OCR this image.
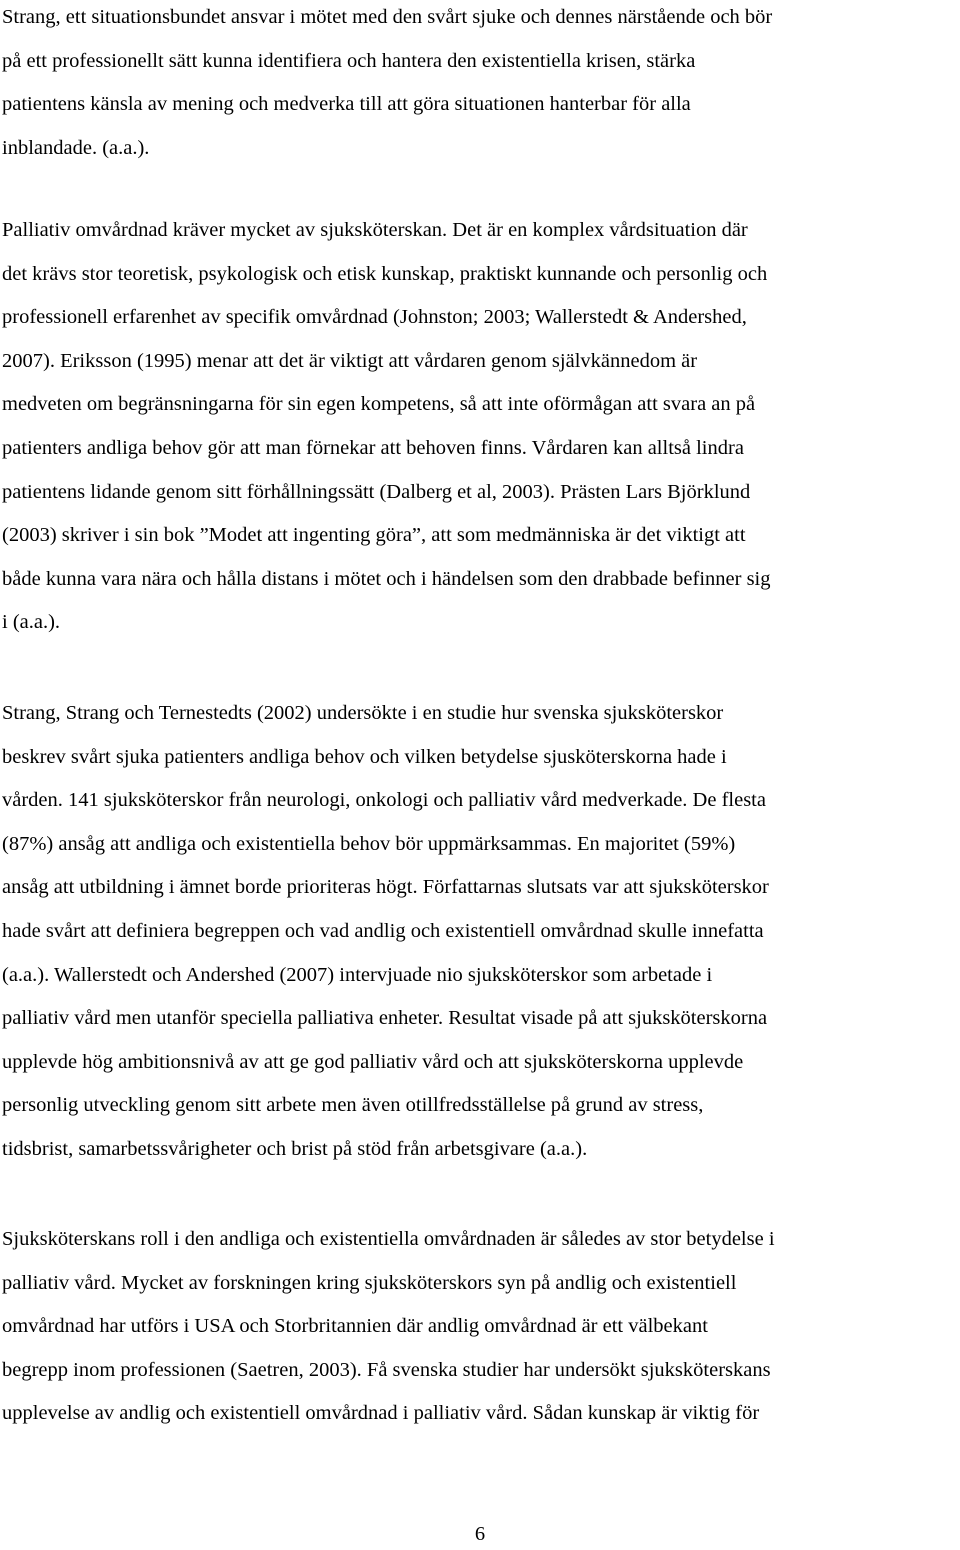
Strang, ett situationsbundet ansvar i mötet med den svårt sjuke och dennes närstående och bör
på ett professionellt sätt kunna identifiera och hantera den existentiella krisen, stärka
patientens känsla av mening och medverka till att göra situationen hanterbar för alla
inblandade. (a.a.).
Palliativ omvårdnad kräver mycket av sjuksköterskan. Det är en komplex vårdsituation där
det krävs stor teoretisk, psykologisk och etisk kunskap, praktiskt kunnande och personlig och
professionell erfarenhet av specifik omvårdnad (Johnston; 2003; Wallerstedt & Andershed,
2007). Eriksson (1995) menar att det är viktigt att vårdaren genom självkännedom är
medveten om begränsningarna för sin egen kompetens, så att inte oförmågan att svara an på
patienters andliga behov gör att man förnekar att behoven finns. Vårdaren kan alltså lindra
patientens lidande genom sitt förhållningssätt (Dalberg et al, 2003). Prästen Lars Björklund
(2003) skriver i sin bok ”Modet att ingenting göra”, att som medmänniska är det viktigt att
både kunna vara nära och hålla distans i mötet och i händelsen som den drabbade befinner sig
i (a.a.).
Strang, Strang och Ternestedts (2002) undersökte i en studie hur svenska sjuksköterskor
beskrev svårt sjuka patienters andliga behov och vilken betydelse sjusköterskorna hade i
vården. 141 sjuksköterskor från neurologi, onkologi och palliativ vård medverkade. De flesta
(87%) ansåg att andliga och existentiella behov bör uppmärksammas. En majoritet (59%)
ansåg att utbildning i ämnet borde prioriteras högt. Författarnas slutsats var att sjuksköterskor
hade svårt att definiera begreppen och vad andlig och existentiell omvårdnad skulle innefatta
(a.a.). Wallerstedt och Andershed (2007) intervjuade nio sjuksköterskor som arbetade i
palliativ vård men utanför speciella palliativa enheter. Resultat visade på att sjuksköterskorna
upplevde hög ambitionsnivå av att ge god palliativ vård och att sjuksköterskorna upplevde
personlig utveckling genom sitt arbete men även otillfredsställelse på grund av stress,
tidsbrist, samarbetssvårigheter och brist på stöd från arbetsgivare (a.a.).
Sjuksköterskans roll i den andliga och existentiella omvårdnaden är således av stor betydelse i
palliativ vård. Mycket av forskningen kring sjuksköterskors syn på andlig och existentiell
omvårdnad har utförs i USA och Storbritannien där andlig omvårdnad är ett välbekant
begrepp inom professionen (Saetren, 2003). Få svenska studier har undersökt sjuksköterskans
upplevelse av andlig och existentiell omvårdnad i palliativ vård. Sådan kunskap är viktig för
6
